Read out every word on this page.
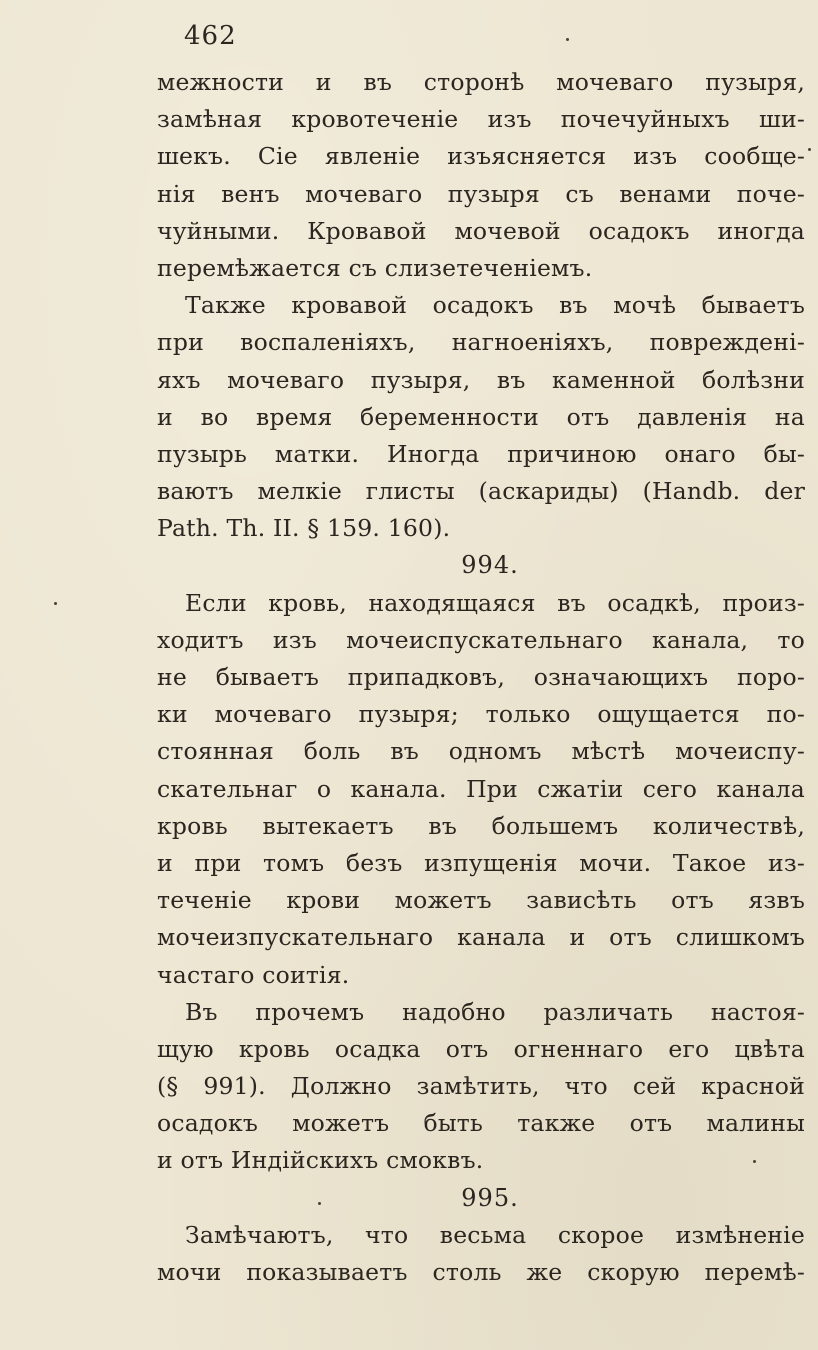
462
межности и въ сторонѣ мочеваго пузыря,
замѣная кровотеченіе изъ почечуйныхъ ши-
шекъ. Сіе явленіе изъясняется изъ сообще-
нія венъ мочеваго пузыря съ венами поче-
чуйными. Кровавой мочевой осадокъ иногда
перемѣжается съ слизетеченіемъ.
Также кровавой осадокъ въ мочѣ бываетъ
при воспаленіяхъ, нагноеніяхъ, поврежденi-
яхъ мочеваго пузыря, въ каменной болѣзни
и во время беременности отъ давленія на
пузырь матки. Иногда причиною онаго бы-
ваютъ мелкіе глисты (аскариды) (Handb. der
Path. Th. II. § 159. 160).
994.
Если кровь, находящаяся въ осадкѣ, произ-
ходитъ изъ мочеиспускательнаго канала, то
не бываетъ припадковъ, означающихъ поро-
ки мочеваго пузыря; только ощущается по-
стоянная боль въ одномъ мѣстѣ мочеиспу-
скательнаг о канала. При сжатіи сего канала
кровь вытекаетъ въ большемъ количествѣ,
и при томъ безъ изпущенія мочи. Такое из-
теченіе крови можетъ зависѣть отъ язвъ
мочеизпускательнаго канала и отъ слишкомъ
частаго соитія.
Въ прочемъ надобно различать настоя-
щую кровь осадка отъ огненнаго его цвѣта
(§ 991). Должно замѣтить, что сей красной
осадокъ можетъ быть также отъ малины
и отъ Индійскихъ смоквъ.
995.
Замѣчаютъ, что весьма скорое измѣненіе
мочи показываетъ столь же скорую перемѣ-
